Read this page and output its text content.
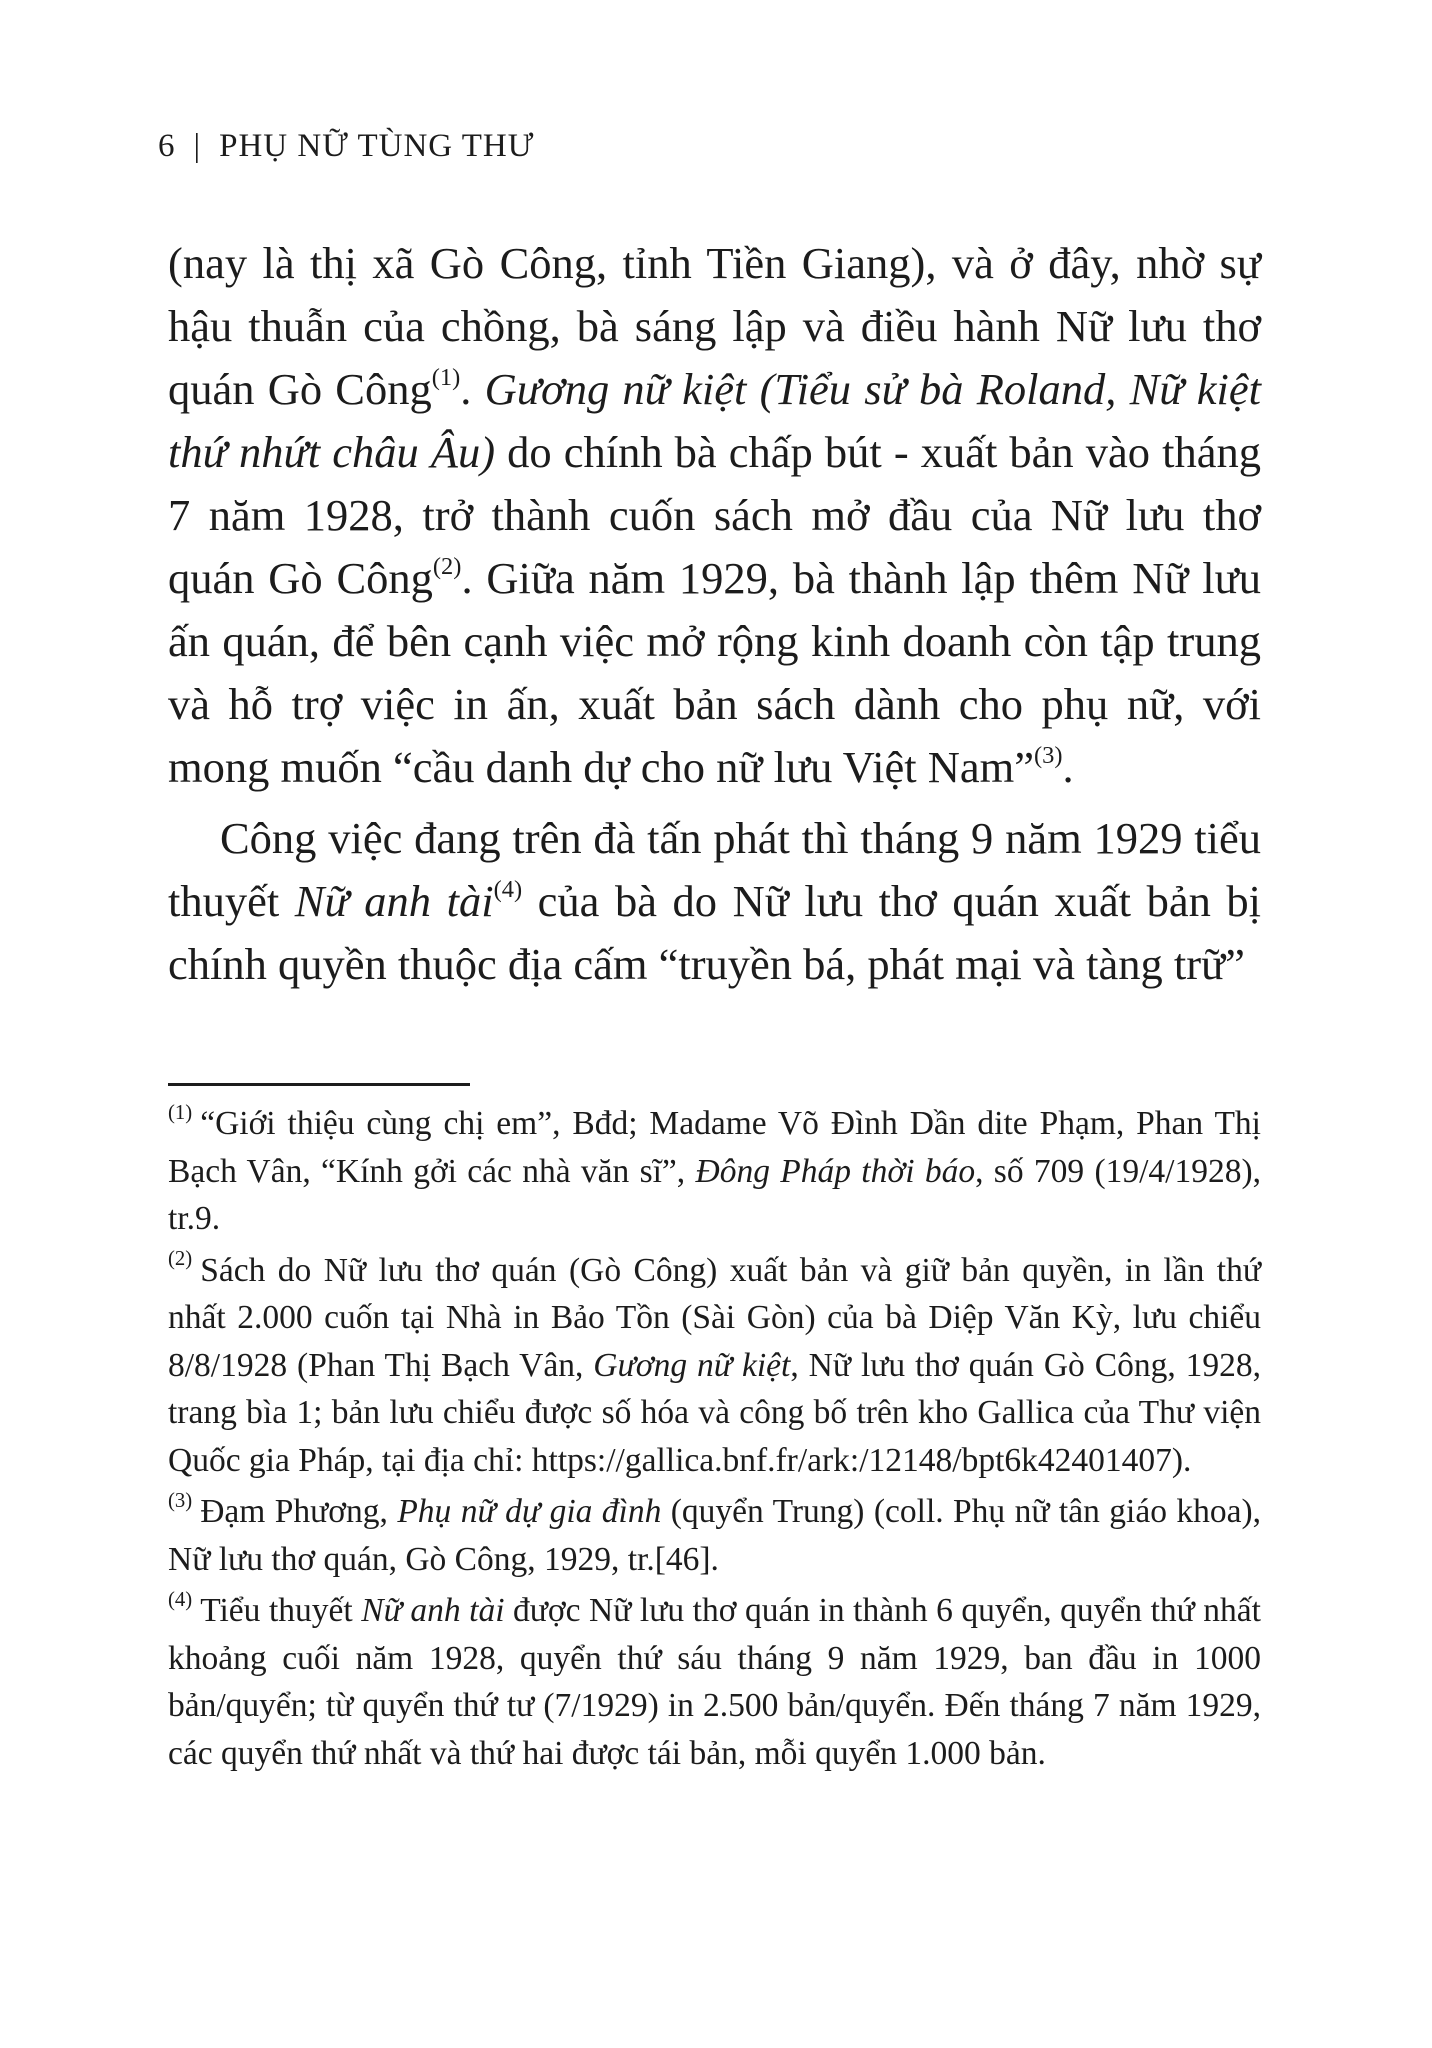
6 | PHỤ NỮ TÙNG THƯ

(nay là thị xã Gò Công, tỉnh Tiền Giang), và ở đây, nhờ sự hậu thuẫn của chồng, bà sáng lập và điều hành Nữ lưu thơ quán Gò Công$^{(1)}$. Gương nữ kiệt (Tiểu sử bà Roland, Nữ kiệt thứ nhứt châu Âu) do chính bà chấp bút - xuất bản vào tháng 7 năm 1928, trở thành cuốn sách mở đầu của Nữ lưu thơ quán Gò Công$^{(2)}$. Giữa năm 1929, bà thành lập thêm Nữ lưu ấn quán, để bên cạnh việc mở rộng kinh doanh còn tập trung và hỗ trợ việc in ấn, xuất bản sách dành cho phụ nữ, với mong muốn “cầu danh dự cho nữ lưu Việt Nam”$^{(3)}$.

Công việc đang trên đà tấn phát thì tháng 9 năm 1929 tiểu thuyết Nữ anh tài$^{(4)}$ của bà do Nữ lưu thơ quán xuất bản bị chính quyền thuộc địa cấm “truyền bá, phát mại và tàng trữ”

$^{(1)}$ “Giới thiệu cùng chị em”, Bđd; Madame Võ Đình Dần dite Phạm, Phan Thị Bạch Vân, “Kính gởi các nhà văn sĩ”, Đông Pháp thời báo, số 709 (19/4/1928), tr.9.

$^{(2)}$ Sách do Nữ lưu thơ quán (Gò Công) xuất bản và giữ bản quyền, in lần thứ nhất 2.000 cuốn tại Nhà in Bảo Tồn (Sài Gòn) của bà Diệp Văn Kỳ, lưu chiểu 8/8/1928 (Phan Thị Bạch Vân, Gương nữ kiệt, Nữ lưu thơ quán Gò Công, 1928, trang bìa 1; bản lưu chiểu được số hóa và công bố trên kho Gallica của Thư viện Quốc gia Pháp, tại địa chỉ: https://gallica.bnf.fr/ark:/12148/bpt6k42401407).

$^{(3)}$ Đạm Phương, Phụ nữ dự gia đình (quyển Trung) (coll. Phụ nữ tân giáo khoa), Nữ lưu thơ quán, Gò Công, 1929, tr.[46].

$^{(4)}$ Tiểu thuyết Nữ anh tài được Nữ lưu thơ quán in thành 6 quyển, quyển thứ nhất khoảng cuối năm 1928, quyển thứ sáu tháng 9 năm 1929, ban đầu in 1000 bản/quyển; từ quyển thứ tư (7/1929) in 2.500 bản/quyển. Đến tháng 7 năm 1929, các quyển thứ nhất và thứ hai được tái bản, mỗi quyển 1.000 bản.
